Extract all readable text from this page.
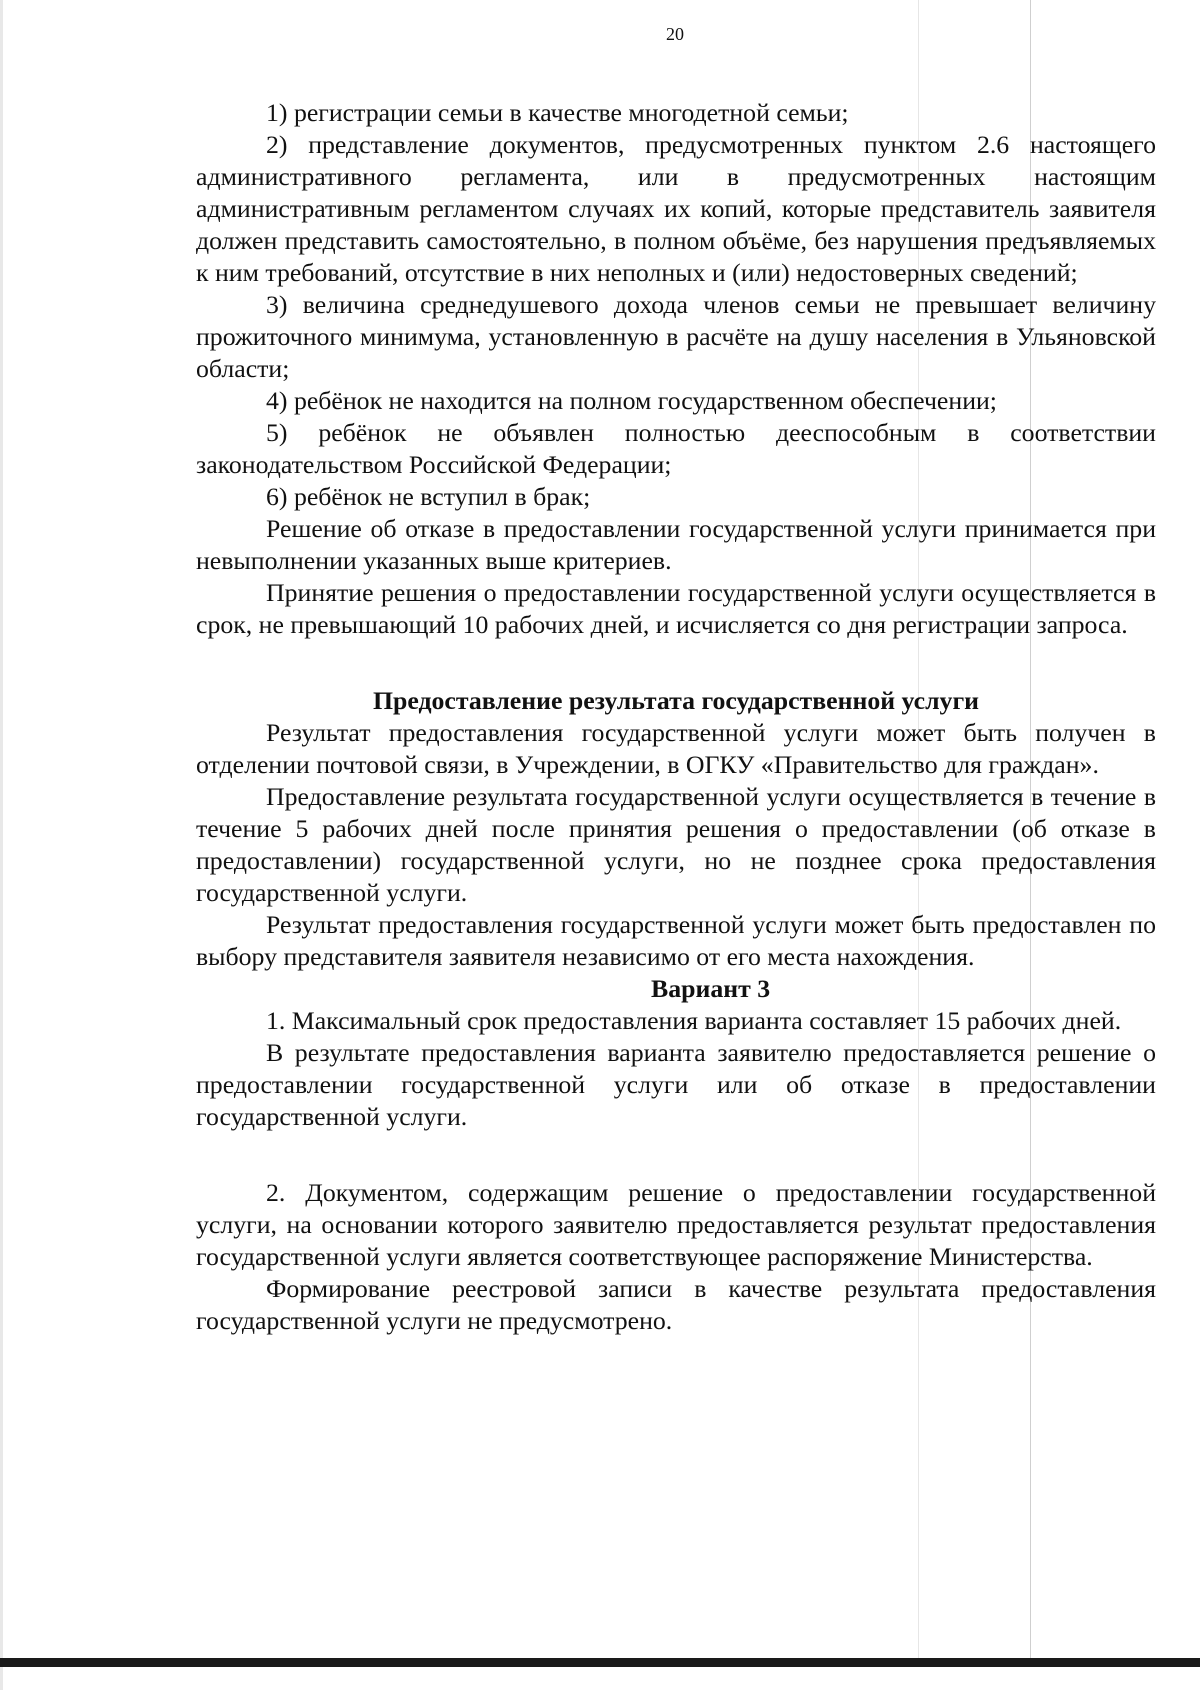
20

1) регистрации семьи в качестве многодетной семьи;

2) представление документов, предусмотренных пунктом 2.6 настоящего административного регламента, или в предусмотренных настоящим административным регламентом случаях их копий, которые представитель заявителя должен представить самостоятельно, в полном объёме, без нарушения предъявляемых к ним требований, отсутствие в них неполных и (или) недостоверных сведений;

3) величина среднедушевого дохода членов семьи не превышает величину прожиточного минимума, установленную в расчёте на душу населения в Ульяновской области;

4) ребёнок не находится на полном государственном обеспечении;

5) ребёнок не объявлен полностью дееспособным в соответствии законодательством Российской Федерации;

6) ребёнок не вступил в брак;

Решение об отказе в предоставлении государственной услуги принимается при невыполнении указанных выше критериев.

Принятие решения о предоставлении государственной услуги осуществляется в срок, не превышающий 10 рабочих дней, и исчисляется со дня регистрации запроса.

Предоставление результата государственной услуги

Результат предоставления государственной услуги может быть получен в отделении почтовой связи, в Учреждении, в ОГКУ «Правительство для граждан».

Предоставление результата государственной услуги осуществляется в течение в течение 5 рабочих дней после принятия решения о предоставлении (об отказе в предоставлении) государственной услуги, но не позднее срока предоставления государственной услуги.

Результат предоставления государственной услуги может быть предоставлен по выбору представителя заявителя независимо от его места нахождения.

Вариант 3

1. Максимальный срок предоставления варианта составляет 15 рабочих дней.

В результате предоставления варианта заявителю предоставляется решение о предоставлении государственной услуги или об отказе в предоставлении государственной услуги.

2. Документом, содержащим решение о предоставлении государственной услуги, на основании которого заявителю предоставляется результат предоставления государственной услуги является соответствующее распоряжение Министерства.

Формирование реестровой записи в качестве результата предоставления государственной услуги не предусмотрено.
